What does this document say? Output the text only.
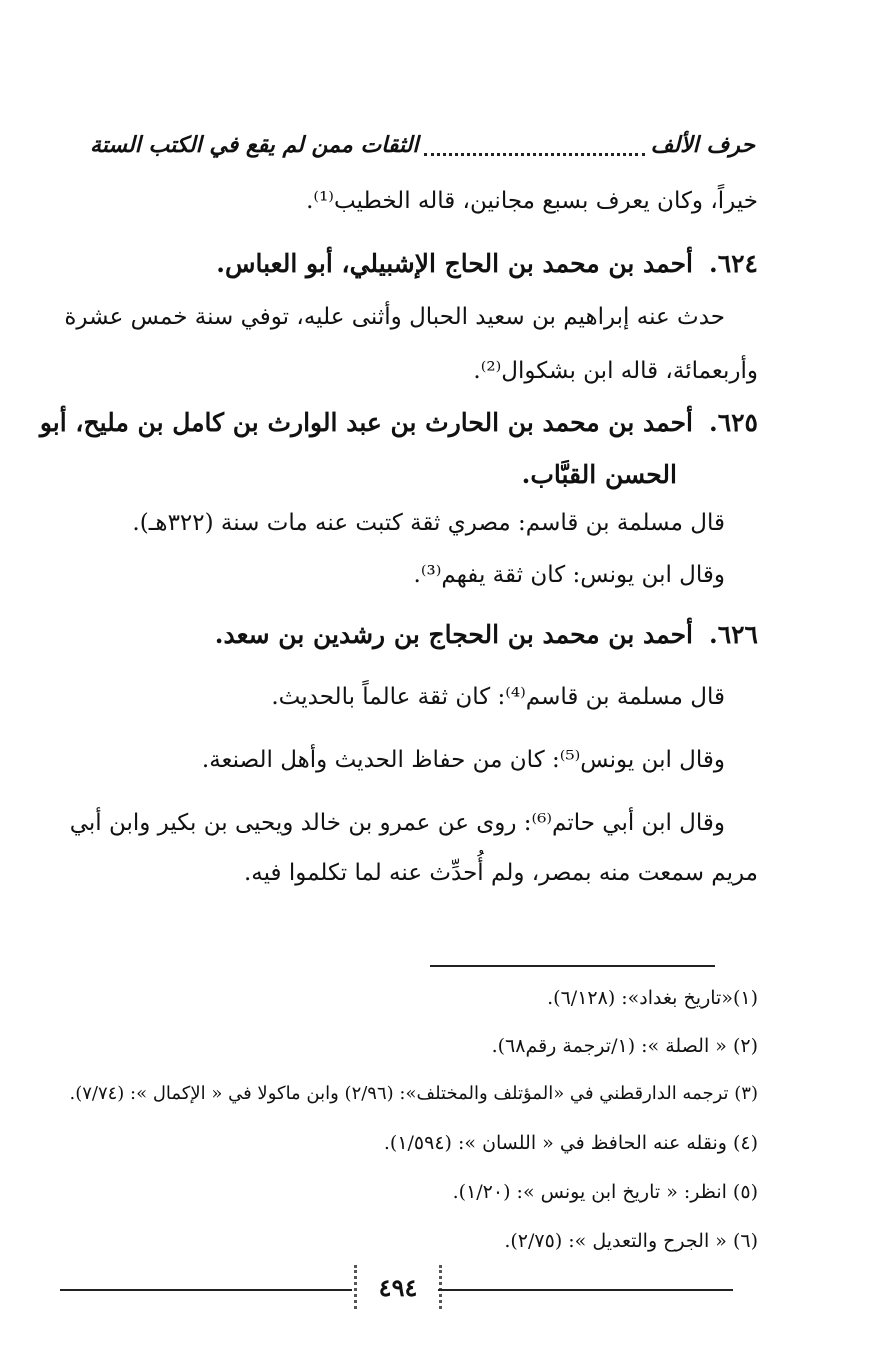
حرف الألف
الثقات ممن لم يقع في الكتب الستة
خيراً، وكان يعرف بسبع مجانين، قاله الخطيب⁽¹⁾.
٦٢٤.أحمد بن محمد بن الحاج الإشبيلي، أبو العباس.
حدث عنه إبراهيم بن سعيد الحبال وأثنى عليه، توفي سنة خمس عشرة
وأربعمائة، قاله ابن بشكوال⁽²⁾.
٦٢٥.أحمد بن محمد بن الحارث بن عبد الوارث بن كامل بن مليح، أبو
الحسن القبَّاب.
قال مسلمة بن قاسم: مصري ثقة كتبت عنه مات سنة (٣٢٢هـ).
وقال ابن يونس: كان ثقة يفهم⁽³⁾.
٦٢٦.أحمد بن محمد بن الحجاج بن رشدين بن سعد.
قال مسلمة بن قاسم⁽⁴⁾: كان ثقة عالماً بالحديث.
وقال ابن يونس⁽⁵⁾: كان من حفاظ الحديث وأهل الصنعة.
وقال ابن أبي حاتم⁽⁶⁾: روى عن عمرو بن خالد ويحيى بن بكير وابن أبي
مريم سمعت منه بمصر، ولم أُحدِّث عنه لما تكلموا فيه.
(١)«تاريخ بغداد»: (٦/١٢٨).
(٢) « الصلة »: (١/ترجمة رقم٦٨).
(٣) ترجمه الدارقطني في «المؤتلف والمختلف»: (٢/٩٦) وابن ماكولا في « الإكمال »: (٧/٧٤).
(٤) ونقله عنه الحافظ في « اللسان »: (١/٥٩٤).
(٥) انظر: « تاريخ ابن يونس »: (١/٢٠).
(٦) « الجرح والتعديل »: (٢/٧٥).
٤٩٤
